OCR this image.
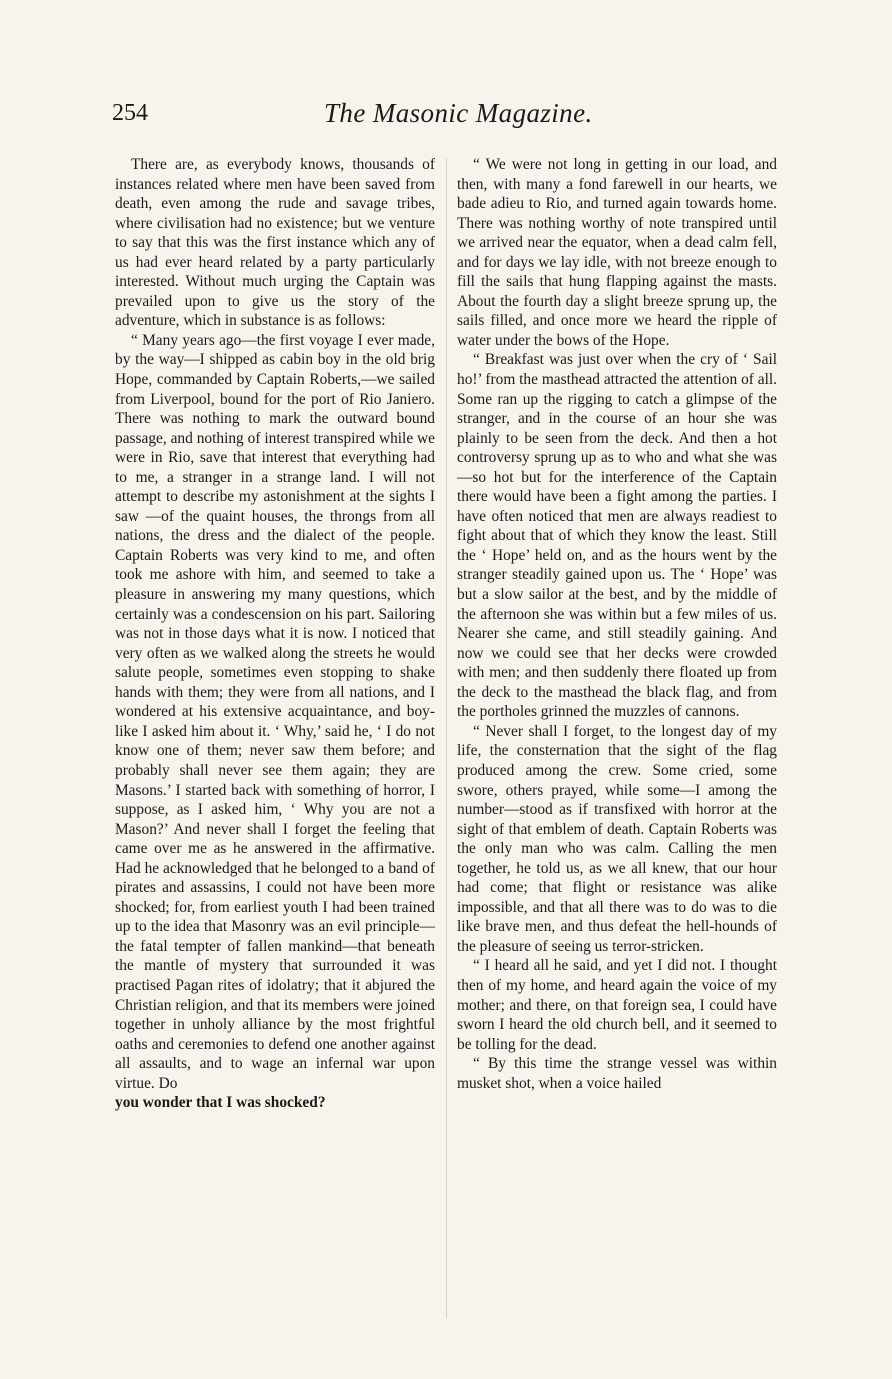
254	The Masonic Magazine.

There are, as everybody knows, thousands of instances related where men have been saved from death, even among the rude and savage tribes, where civilisation had no existence; but we venture to say that this was the first instance which any of us had ever heard related by a party particularly interested. Without much urging the Captain was prevailed upon to give us the story of the adventure, which in substance is as follows:

“ Many years ago—the first voyage I ever made, by the way—I shipped as cabin boy in the old brig Hope, commanded by Captain Roberts,—we sailed from Liverpool, bound for the port of Rio Janiero. There was nothing to mark the outward bound passage, and nothing of interest transpired while we were in Rio, save that interest that everything had to me, a stranger in a strange land. I will not attempt to describe my astonishment at the sights I saw —of the quaint houses, the throngs from all nations, the dress and the dialect of the people. Captain Roberts was very kind to me, and often took me ashore with him, and seemed to take a pleasure in answering my many questions, which certainly was a condescension on his part. Sailoring was not in those days what it is now. I noticed that very often as we walked along the streets he would salute people, sometimes even stopping to shake hands with them; they were from all nations, and I wondered at his extensive acquaintance, and boy-like I asked him about it. ‘ Why,’ said he, ‘ I do not know one of them; never saw them before; and probably shall never see them again; they are Masons.’ I started back with something of horror, I suppose, as I asked him, ‘ Why you are not a Mason?’ And never shall I forget the feeling that came over me as he answered in the affirmative. Had he acknowledged that he belonged to a band of pirates and assassins, I could not have been more shocked; for, from earliest youth I had been trained up to the idea that Masonry was an evil principle—the fatal tempter of fallen mankind—that beneath the mantle of mystery that surrounded it was practised Pagan rites of idolatry; that it abjured the Christian religion, and that its members were joined together in unholy alliance by the most frightful oaths and ceremonies to defend one another against all assaults, and to wage an infernal war upon virtue. Do

you wonder that I was shocked?

“ We were not long in getting in our load, and then, with many a fond farewell in our hearts, we bade adieu to Rio, and turned again towards home. There was nothing worthy of note transpired until we arrived near the equator, when a dead calm fell, and for days we lay idle, with not breeze enough to fill the sails that hung flapping against the masts. About the fourth day a slight breeze sprung up, the sails filled, and once more we heard the ripple of water under the bows of the Hope.

“ Breakfast was just over when the cry of ‘ Sail ho!’ from the masthead attracted the attention of all. Some ran up the rigging to catch a glimpse of the stranger, and in the course of an hour she was plainly to be seen from the deck. And then a hot controversy sprung up as to who and what she was—so hot but for the interference of the Captain there would have been a fight among the parties. I have often noticed that men are always readiest to fight about that of which they know the least. Still the ‘ Hope’ held on, and as the hours went by the stranger steadily gained upon us. The ‘ Hope’ was but a slow sailor at the best, and by the middle of the afternoon she was within but a few miles of us. Nearer she came, and still steadily gaining. And now we could see that her decks were crowded with men; and then suddenly there floated up from the deck to the masthead the black flag, and from the portholes grinned the muzzles of cannons.

“ Never shall I forget, to the longest day of my life, the consternation that the sight of the flag produced among the crew. Some cried, some swore, others prayed, while some—I among the number—stood as if transfixed with horror at the sight of that emblem of death. Captain Roberts was the only man who was calm. Calling the men together, he told us, as we all knew, that our hour had come; that flight or resistance was alike impossible, and that all there was to do was to die like brave men, and thus defeat the hell-hounds of the pleasure of seeing us terror-stricken.

“ I heard all he said, and yet I did not. I thought then of my home, and heard again the voice of my mother; and there, on that foreign sea, I could have sworn I heard the old church bell, and it seemed to be tolling for the dead.

“ By this time the strange vessel was within musket shot, when a voice hailed
